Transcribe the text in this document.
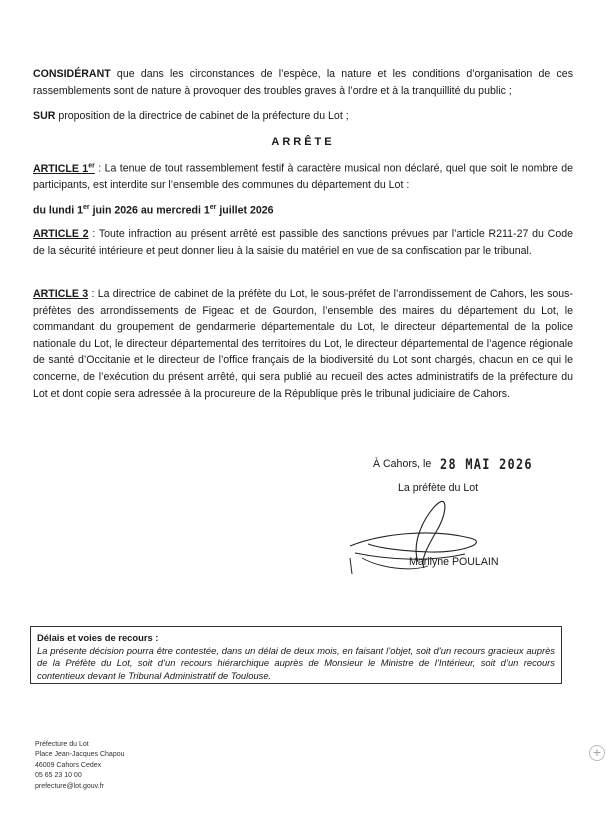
CONSIDÉRANT que dans les circonstances de l’espèce, la nature et les conditions d’organisation de ces rassemblements sont de nature à provoquer des troubles graves à l’ordre et à la tranquillité du public ;

SUR proposition de la directrice de cabinet de la préfecture du Lot ;

ARRÊTE

ARTICLE 1er : La tenue de tout rassemblement festif à caractère musical non déclaré, quel que soit le nombre de participants, est interdite sur l’ensemble des communes du département du Lot :

du lundi 1er juin 2026 au mercredi 1er juillet 2026

ARTICLE 2 : Toute infraction au présent arrêté est passible des sanctions prévues par l’article R211-27 du Code de la sécurité intérieure et peut donner lieu à la saisie du matériel en vue de sa confiscation par le tribunal.

ARTICLE 3 : La directrice de cabinet de la préfète du Lot, le sous-préfet de l’arrondissement de Cahors, les sous-préfètes des arrondissements de Figeac et de Gourdon, l’ensemble des maires du département du Lot, le commandant du groupement de gendarmerie départementale du Lot, le directeur départemental de la police nationale du Lot, le directeur départemental des territoires du Lot, le directeur départemental de l’agence régionale de santé d’Occitanie et le directeur de l’office français de la biodiversité du Lot sont chargés, chacun en ce qui le concerne, de l’exécution du présent arrêté, qui sera publié au recueil des actes administratifs de la préfecture du Lot et dont copie sera adressée à la procureure de la République près le tribunal judiciaire de Cahors.

À Cahors, le 28 MAI 2026
La préfète du Lot
Marilyne POULAIN
Délais et voies de recours :
La présente décision pourra être contestée, dans un délai de deux mois, en faisant l’objet, soit d’un recours gracieux auprès de la Préfète du Lot, soit d’un recours hiérarchique auprès de Monsieur le Ministre de l’Intérieur, soit d’un recours contentieux devant le Tribunal Administratif de Toulouse.
Préfecture du Lot
Place Jean-Jacques Chapou
46009 Cahors Cedex
05 65 23 10 00
prefecture@lot.gouv.fr
+
